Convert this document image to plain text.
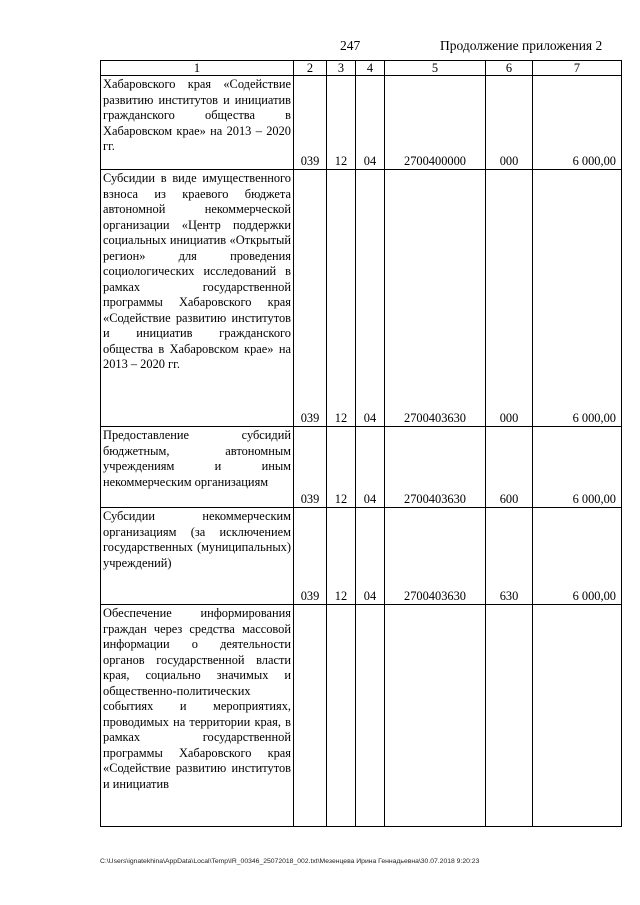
247	Продолжение приложения 2
1	2	3	4	5	6	7
Хабаровского края «Содействие развитию институтов и инициатив гражданского общества в Хабаровском крае» на 2013 – 2020 гг.	039	12	04	2700400000	000	6 000,00
Субсидии в виде имущественного взноса из краевого бюджета автономной некоммерческой организации «Центр поддержки социальных инициатив «Открытый регион» для проведения социологических исследований в рамках государственной программы Хабаровского края «Содействие развитию институтов и инициатив гражданского общества в Хабаровском крае» на 2013 – 2020 гг.	039	12	04	2700403630	000	6 000,00
Предоставление субсидий бюджетным, автономным учреждениям и иным некоммерческим организациям	039	12	04	2700403630	600	6 000,00
Субсидии некоммерческим организациям (за исключением государственных (муниципальных) учреждений)	039	12	04	2700403630	630	6 000,00
Обеспечение информирования граждан через средства массовой информации о деятельности органов государственной власти края, социально значимых и общественно-политических событиях и мероприятиях, проводимых на территории края, в рамках государственной программы Хабаровского края «Содействие развитию институтов и инициатив						
C:\Users\ignatekhina\AppData\Local\Temp\IR_00346_25072018_002.txt\Мезенцева Ирина Геннадьевна\30.07.2018 9:20:23
